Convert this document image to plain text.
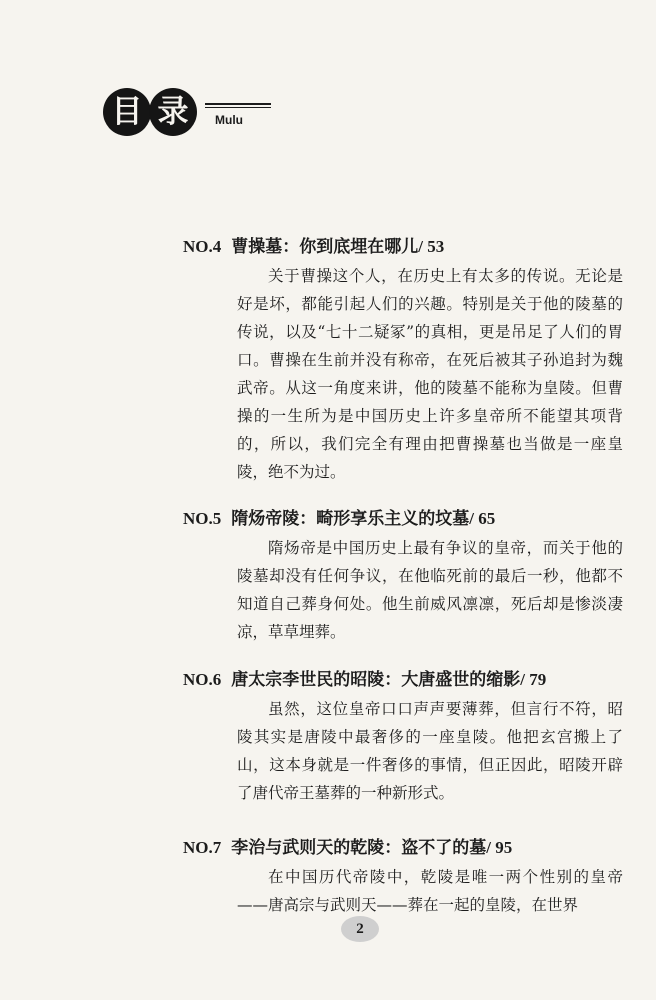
目 录	Mulu
NO.4 曹操墓：你到底埋在哪儿/ 53
关于曹操这个人，在历史上有太多的传说。无论是好是坏，都能引起人们的兴趣。特别是关于他的陵墓的传说，以及“七十二疑冢”的真相，更是吊足了人们的胃口。曹操在生前并没有称帝，在死后被其子孙追封为魏武帝。从这一角度来讲，他的陵墓不能称为皇陵。但曹操的一生所为是中国历史上许多皇帝所不能望其项背的，所以，我们完全有理由把曹操墓也当做是一座皇陵，绝不为过。
NO.5 隋炀帝陵：畸形享乐主义的坟墓/ 65
隋炀帝是中国历史上最有争议的皇帝，而关于他的陵墓却没有任何争议，在他临死前的最后一秒，他都不知道自己葬身何处。他生前威风凛凛，死后却是惨淡凄凉，草草埋葬。
NO.6 唐太宗李世民的昭陵：大唐盛世的缩影/ 79
虽然，这位皇帝口口声声要薄葬，但言行不符，昭陵其实是唐陵中最奢侈的一座皇陵。他把玄宫搬上了山，这本身就是一件奢侈的事情，但正因此，昭陵开辟了唐代帝王墓葬的一种新形式。
NO.7 李治与武则天的乾陵：盗不了的墓/ 95
在中国历代帝陵中，乾陵是唯一两个性别的皇帝——唐高宗与武则天——葬在一起的皇陵，在世界
2
